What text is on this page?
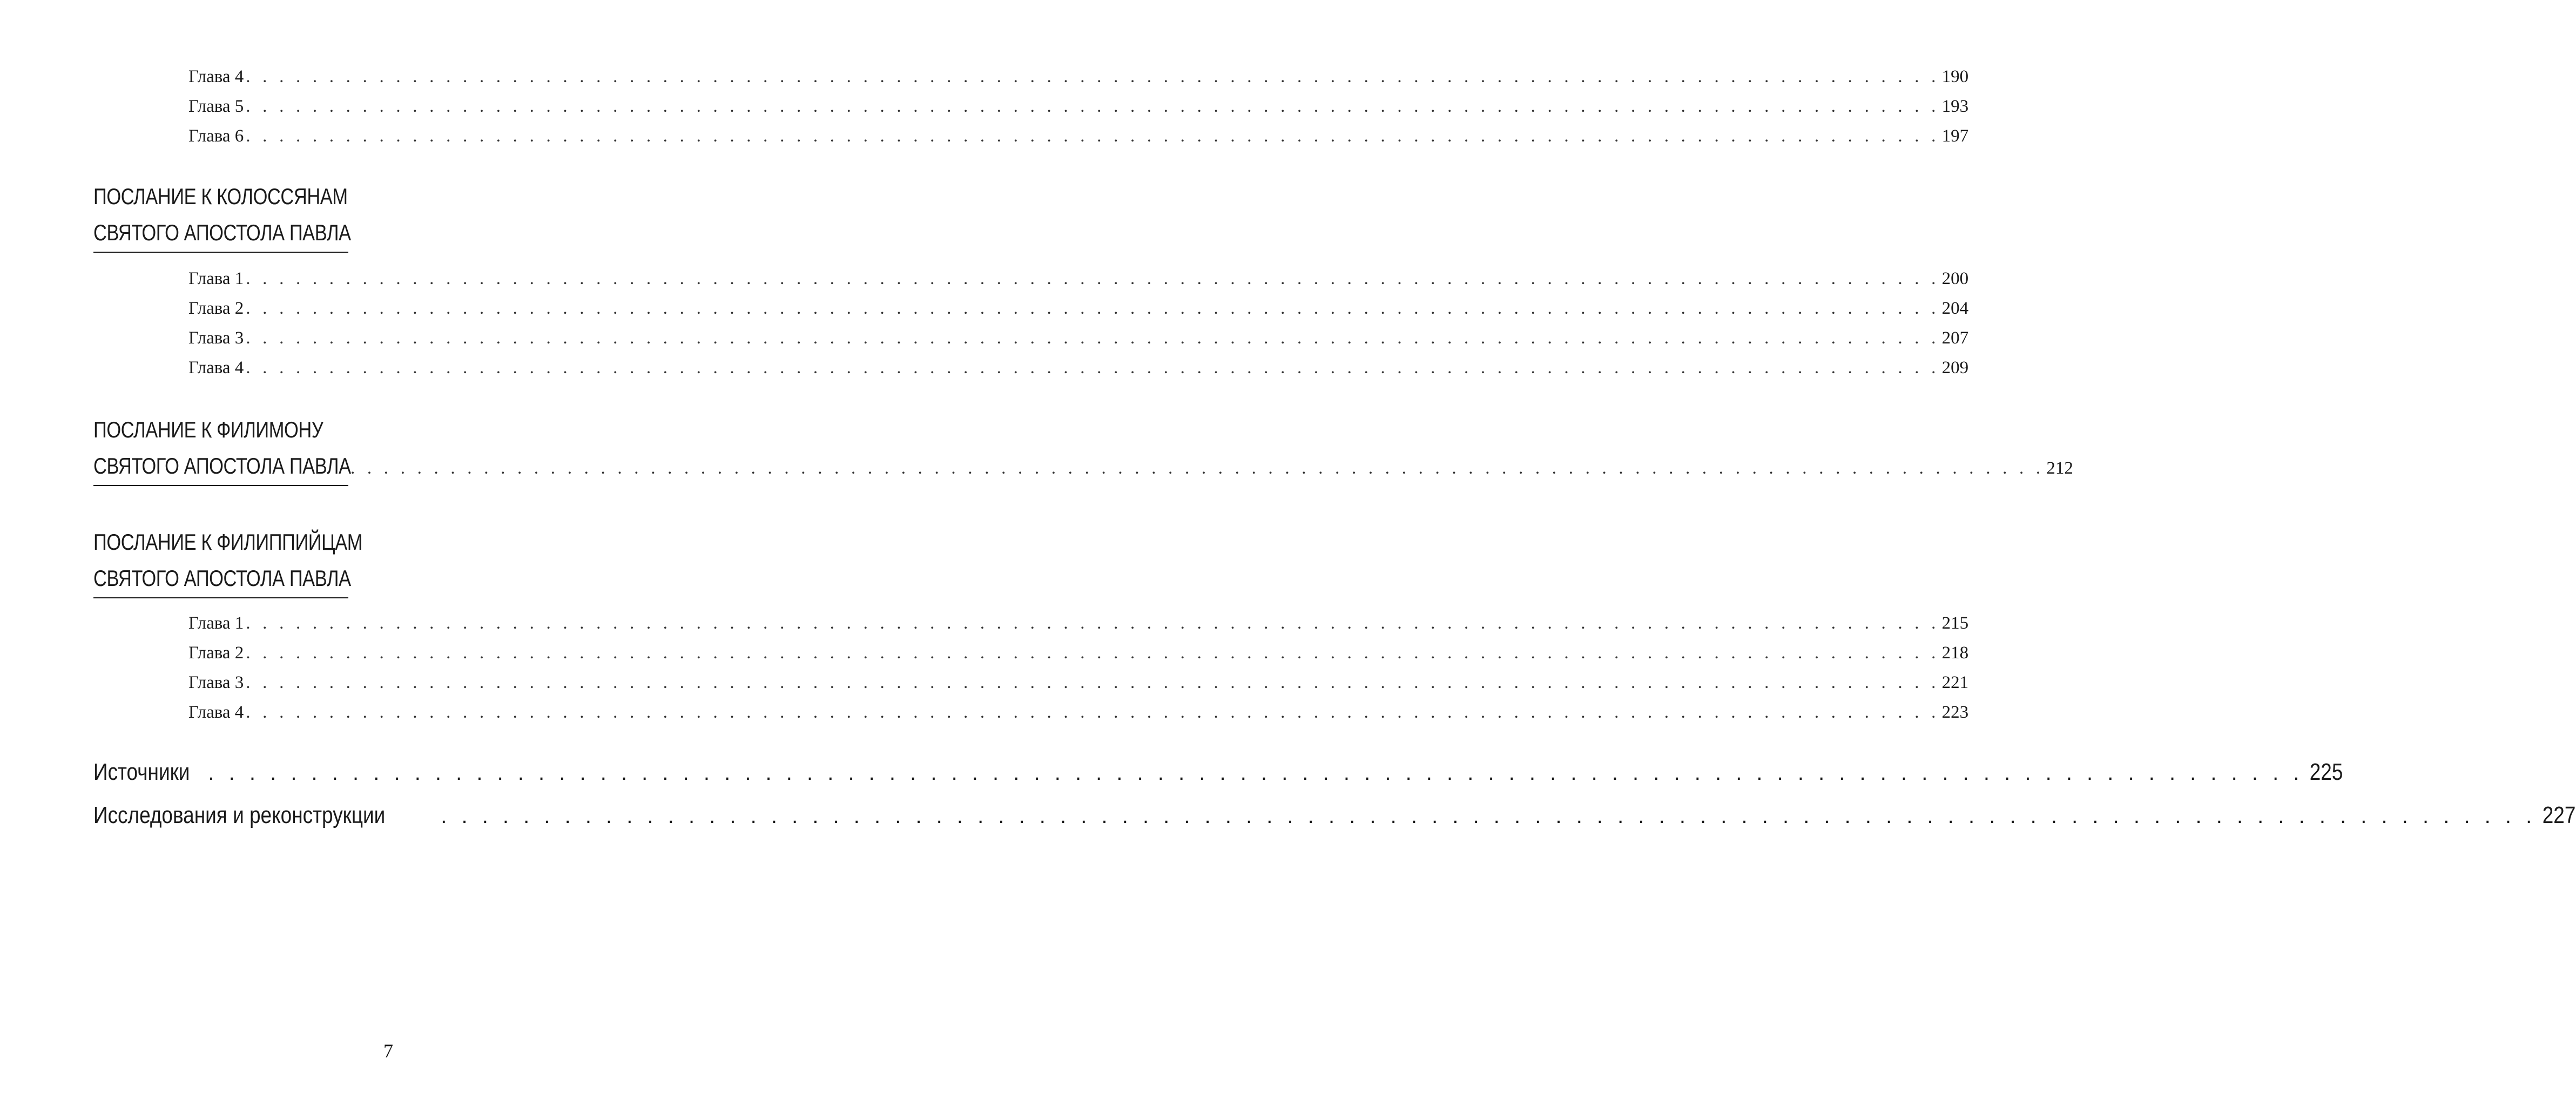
Глава 4 . . . . . . . . . . . . . . . . . . . . . . . . . . . . . . . . . . . . . . . . . . . . . . . . . . . . . . . . . . . . . . . . . . . . . . . . . . . . . . . . . . . . . . . . . . . . . . . . . . . . . . 190
Глава 5 . . . . . . . . . . . . . . . . . . . . . . . . . . . . . . . . . . . . . . . . . . . . . . . . . . . . . . . . . . . . . . . . . . . . . . . . . . . . . . . . . . . . . . . . . . . . . . . . . . . . . . 193
Глава 6 . . . . . . . . . . . . . . . . . . . . . . . . . . . . . . . . . . . . . . . . . . . . . . . . . . . . . . . . . . . . . . . . . . . . . . . . . . . . . . . . . . . . . . . . . . . . . . . . . . . . . . 197
ПОСЛАНИЕ К КОЛОССЯНАМ
СВЯТОГО АПОСТОЛА ПАВЛА
Глава 1 . . . . . . . . . . . . . . . . . . . . . . . . . . . . . . . . . . . . . . . . . . . . . . . . . . . . . . . . . . . . . . . . . . . . . . . . . . . . . . . . . . . . . . . . . . . . . . . . . . . . . . 200
Глава 2 . . . . . . . . . . . . . . . . . . . . . . . . . . . . . . . . . . . . . . . . . . . . . . . . . . . . . . . . . . . . . . . . . . . . . . . . . . . . . . . . . . . . . . . . . . . . . . . . . . . . . . 204
Глава 3 . . . . . . . . . . . . . . . . . . . . . . . . . . . . . . . . . . . . . . . . . . . . . . . . . . . . . . . . . . . . . . . . . . . . . . . . . . . . . . . . . . . . . . . . . . . . . . . . . . . . . . 207
Глава 4 . . . . . . . . . . . . . . . . . . . . . . . . . . . . . . . . . . . . . . . . . . . . . . . . . . . . . . . . . . . . . . . . . . . . . . . . . . . . . . . . . . . . . . . . . . . . . . . . . . . . . . 209
ПОСЛАНИЕ К ФИЛИМОНУ
СВЯТОГО АПОСТОЛА ПАВЛА . . . . . . . . . . . . . . . . . . . . . . . . . . . . . . . . . . . . . . . . . . . . . . . . . . . . . . . . . . . . . . . . . . . . . . . . . . . . . . . . . . . . . . . . . . . . . . . . . . . . . . 212
ПОСЛАНИЕ К ФИЛИППИЙЦАМ
СВЯТОГО АПОСТОЛА ПАВЛА
Глава 1 . . . . . . . . . . . . . . . . . . . . . . . . . . . . . . . . . . . . . . . . . . . . . . . . . . . . . . . . . . . . . . . . . . . . . . . . . . . . . . . . . . . . . . . . . . . . . . . . . . . . . . 215
Глава 2 . . . . . . . . . . . . . . . . . . . . . . . . . . . . . . . . . . . . . . . . . . . . . . . . . . . . . . . . . . . . . . . . . . . . . . . . . . . . . . . . . . . . . . . . . . . . . . . . . . . . . . 218
Глава 3 . . . . . . . . . . . . . . . . . . . . . . . . . . . . . . . . . . . . . . . . . . . . . . . . . . . . . . . . . . . . . . . . . . . . . . . . . . . . . . . . . . . . . . . . . . . . . . . . . . . . . . 221
Глава 4 . . . . . . . . . . . . . . . . . . . . . . . . . . . . . . . . . . . . . . . . . . . . . . . . . . . . . . . . . . . . . . . . . . . . . . . . . . . . . . . . . . . . . . . . . . . . . . . . . . . . . . 223
Источники . . . . . . . . . . . . . . . . . . . . . . . . . . . . . . . . . . . . . . . . . . . . . . . . . . . . . . . . . . . . . . . . . . . . . . . . . . . . . . . . . . . . . . . . . . . . . . . . . . . . . . 225
Исследования и реконструкции	. . . . . . . . . . . . . . . . . . . . . . . . . . . . . . . . . . . . . . . . . . . . . . . . . . . . . . . . . . . . . . . . . . . . . . . . . . . . . . . . . . . . . . . . . . . . . . . . . . . . . . 227
7
